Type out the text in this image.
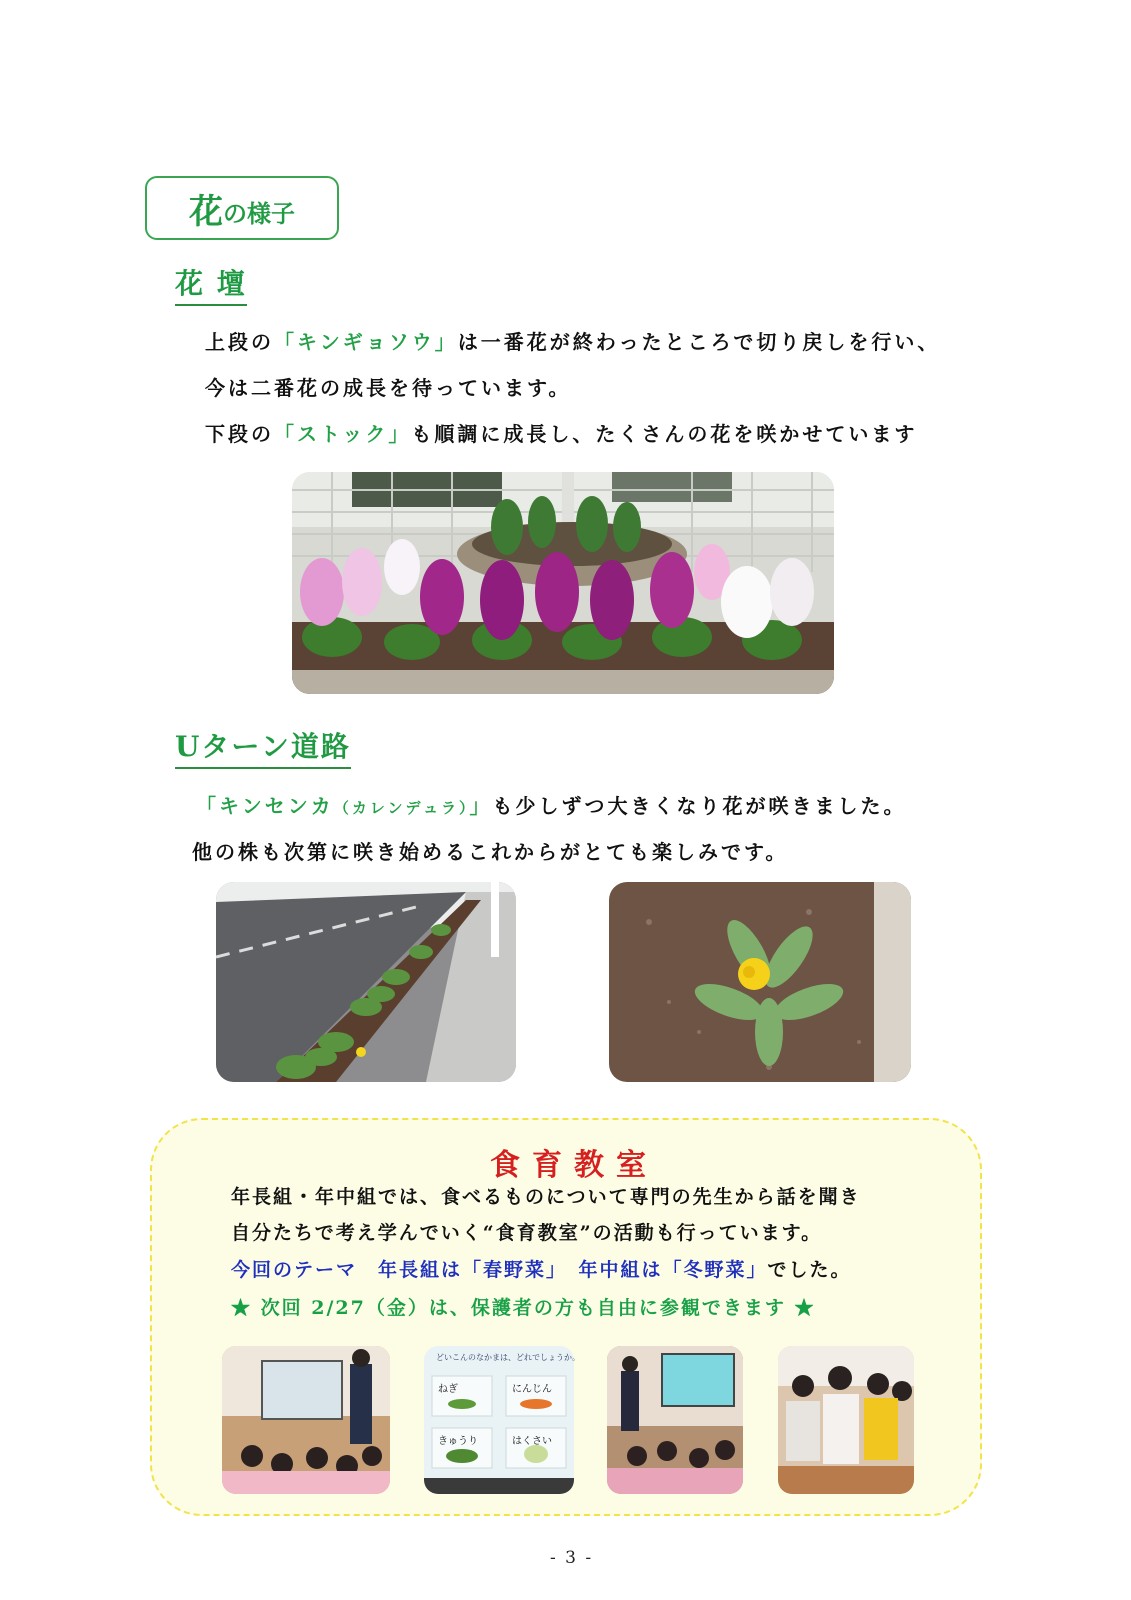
花 の様子
花 壇
上段の「キンギョソウ」は一番花が終わったところで切り戻しを行い、
今は二番花の成長を待っています。
下段の「ストック」も順調に成長し、たくさんの花を咲かせています
Uターン道路
「キンセンカ（カレンデュラ）」も少しずつ大きくなり花が咲きました。
他の株も次第に咲き始めるこれからがとても楽しみです。
食育教室
年長組・年中組では、食べるものについて専門の先生から話を聞き
自分たちで考え学んでいく“食育教室”の活動も行っています。
今回のテーマ　年長組は「春野菜」　年中組は「冬野菜」でした。
★ 次回 2/27（金）は、保護者の方も自由に参観できます ★
どいこんのなかまは、どれでしょうか。
ねぎ	にんじん
きゅうり	はくさい
- 3 -
